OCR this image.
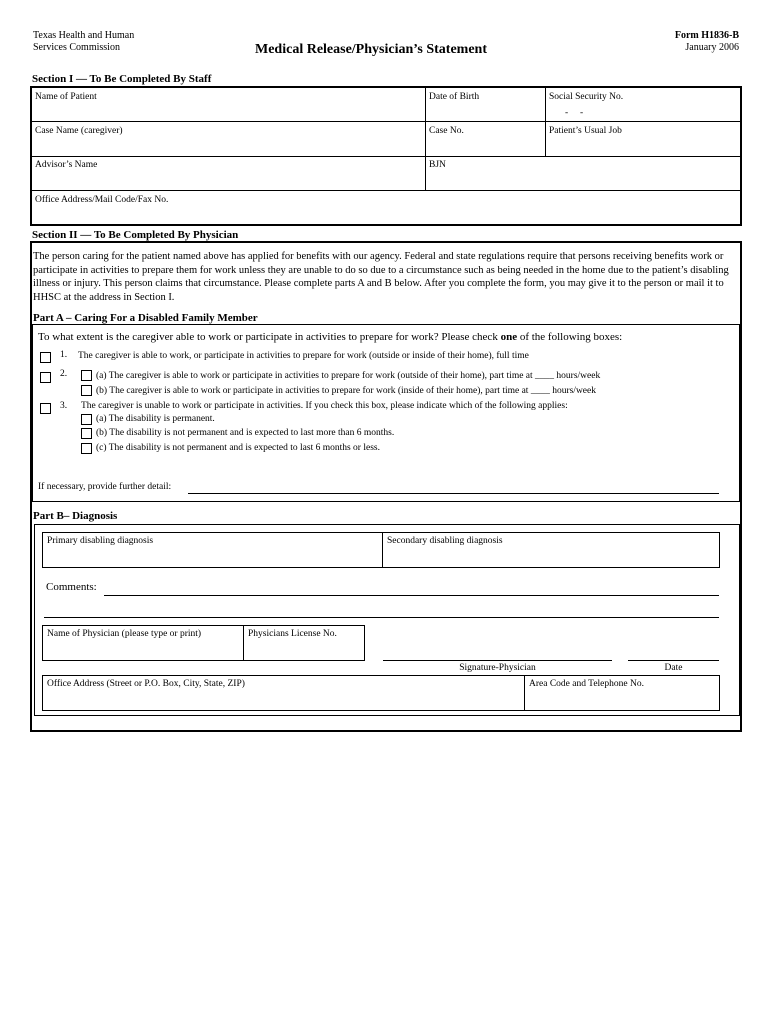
Texas Health and Human
Services Commission	Medical Release/Physician’s Statement
Form H1836-B
January 2006
Section I — To Be Completed By Staff
Name of Patient	Date of Birth	Social Security No.
-     -
Case Name (caregiver)	Case No.	Patient’s Usual Job
Advisor’s Name	BJN
Office Address/Mail Code/Fax No.
Section II — To Be Completed By Physician

The person caring for the patient named above has applied for benefits with our agency. Federal and state regulations require that persons receiving benefits work or participate in activities to prepare them for work unless they are unable to do so due to a circumstance such as being needed in the home due to the patient’s disabling illness or injury. This person claims that circumstance. Please complete parts A and B below. After you complete the form, you may give it to the person or mail it to HHSC at the address in Section I.

Part A – Caring For a Disabled Family Member
To what extent is the caregiver able to work or participate in activities to prepare for work? Please check one of the following boxes:
1. The caregiver is able to work, or participate in activities to prepare for work (outside or inside of their home), full time
2.	(a) The caregiver is able to work or participate in activities to prepare for work (outside of their home), part time at ____ hours/week
(b) The caregiver is able to work or participate in activities to prepare for work (inside of their home), part time at ____ hours/week
3. The caregiver is unable to work or participate in activities. If you check this box, please indicate which of the following applies:
(a) The disability is permanent.
(b) The disability is not permanent and is expected to last more than 6 months.
(c) The disability is not permanent and is expected to last 6 months or less.
If necessary, provide further detail:
Part B– Diagnosis
Primary disabling diagnosis	Secondary disabling diagnosis
Comments:
Name of Physician (please type or print)	Physicians License No.
Signature-Physician	Date
Office Address (Street or P.O. Box, City, State, ZIP)	Area Code and Telephone No.
